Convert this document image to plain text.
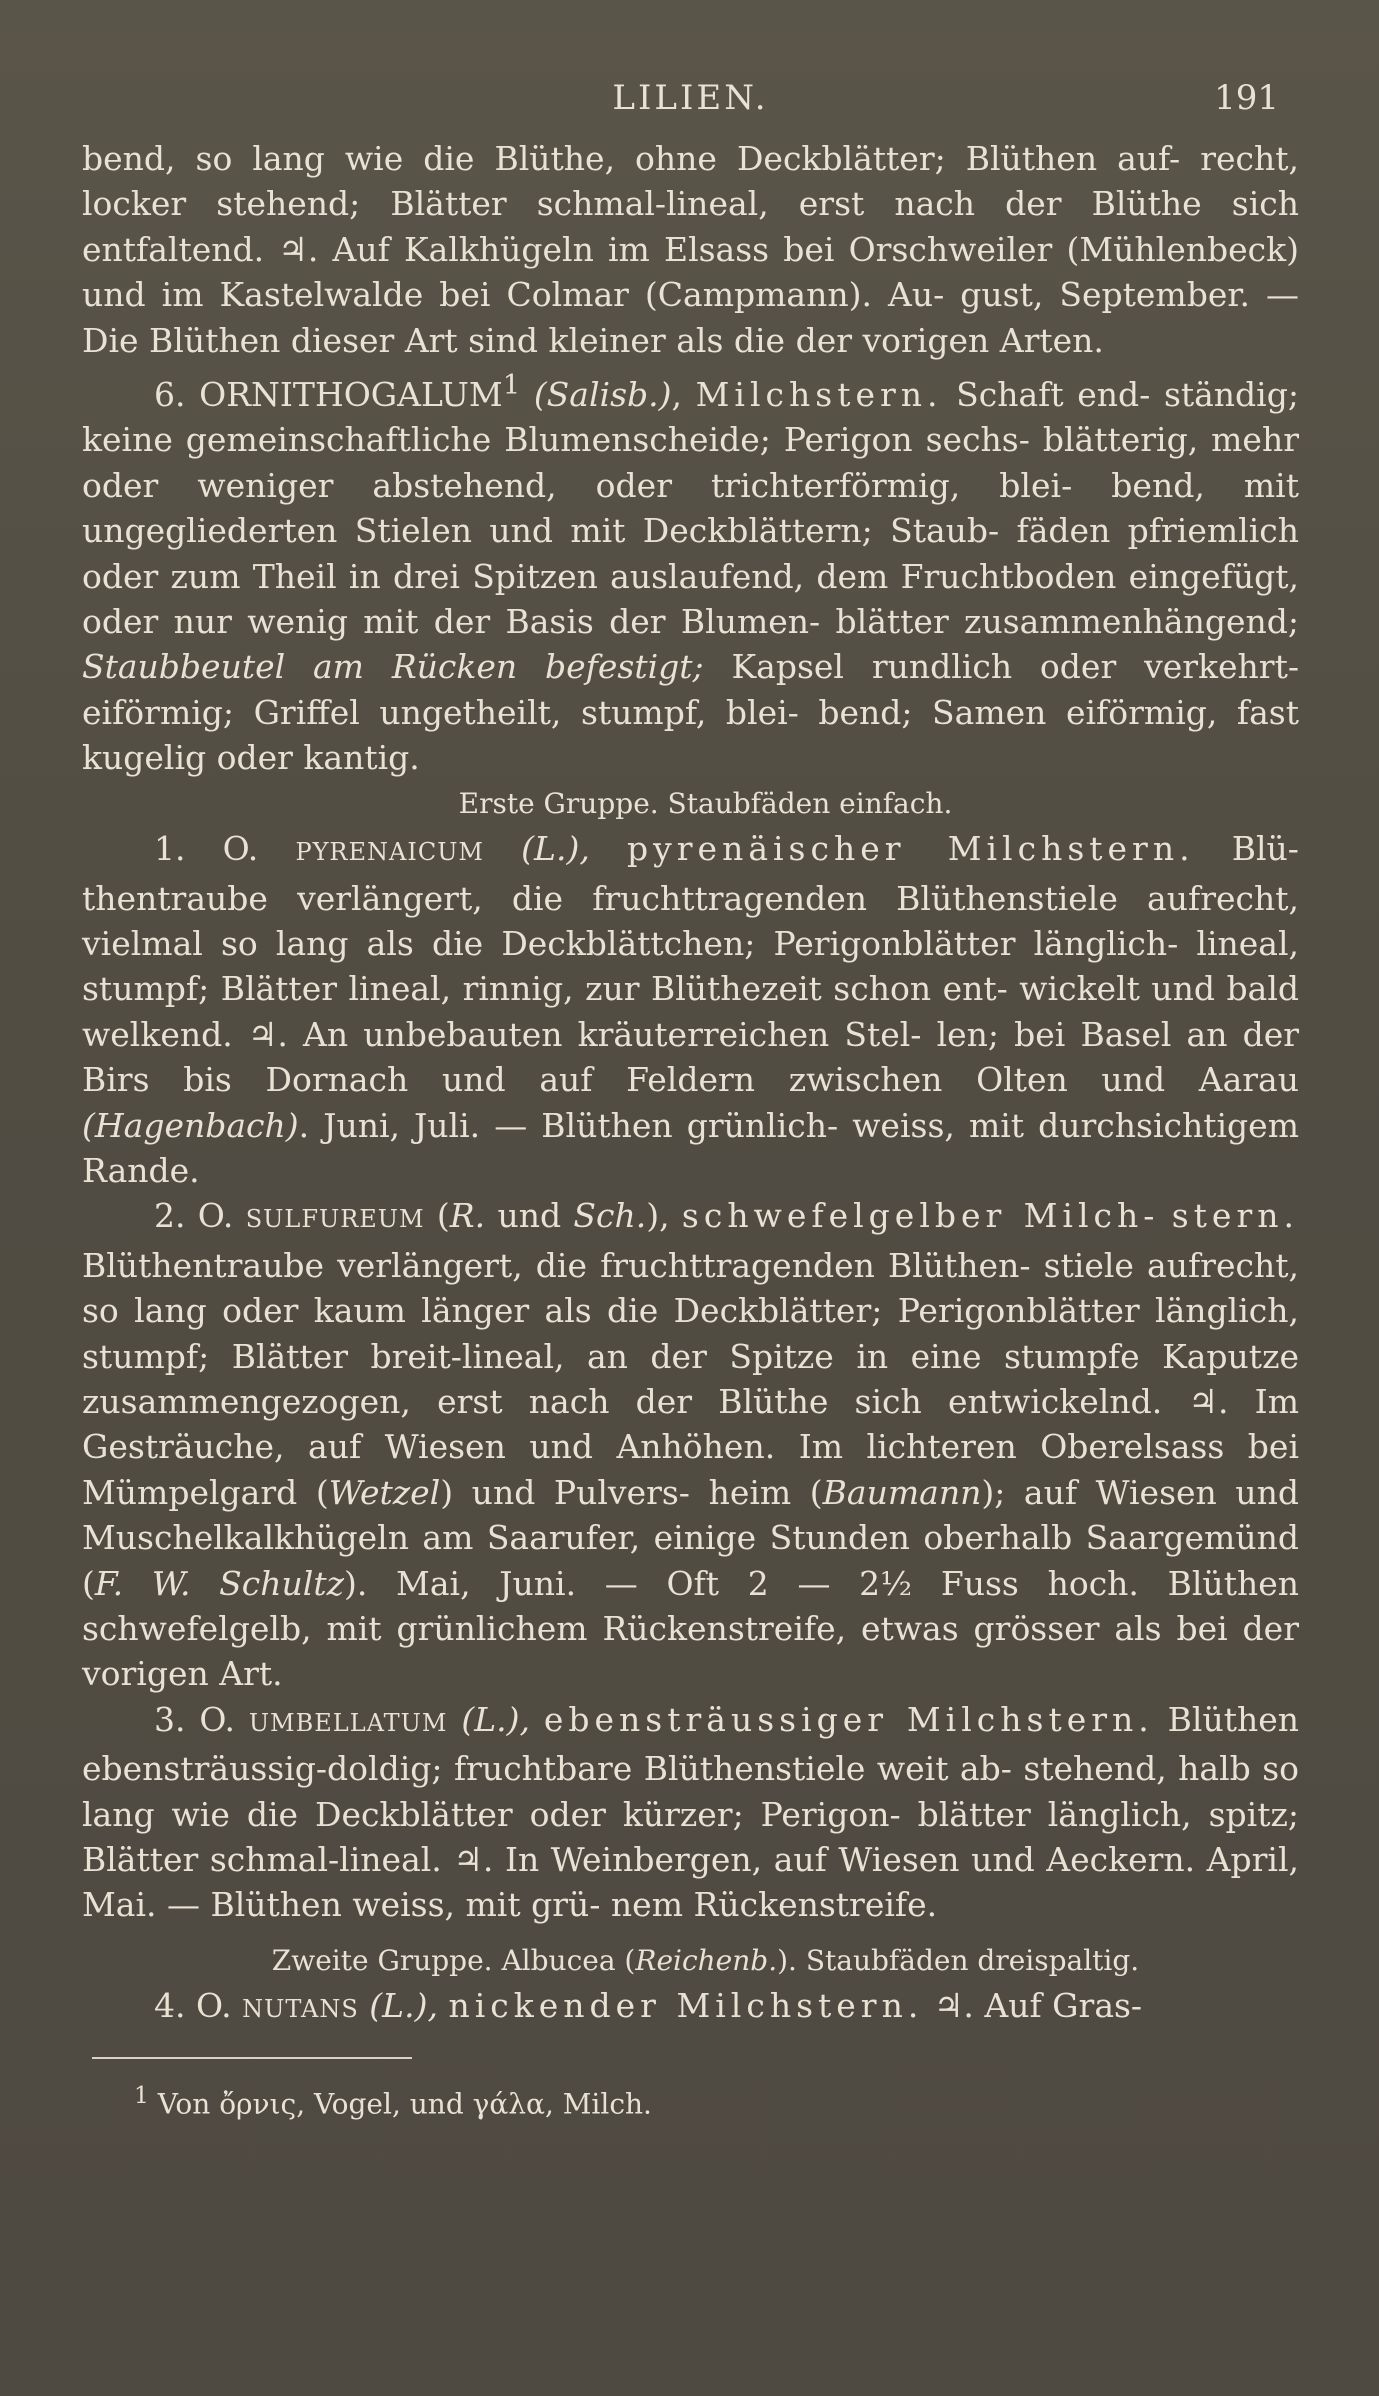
LILIEN.	191

bend, so lang wie die Blüthe, ohne Deckblätter; Blüthen auf- recht, locker stehend; Blätter schmal-lineal, erst nach der Blüthe sich entfaltend. ♃. Auf Kalkhügeln im Elsass bei Orschweiler (Mühlenbeck) und im Kastelwalde bei Colmar (Campmann). Au- gust, September. — Die Blüthen dieser Art sind kleiner als die der vorigen Arten.

6. ORNITHOGALUM$^1$ (Salisb.), Milchstern. Schaft end- ständig; keine gemeinschaftliche Blumenscheide; Perigon sechs- blätterig, mehr oder weniger abstehend, oder trichterförmig, blei- bend, mit ungegliederten Stielen und mit Deckblättern; Staub- fäden pfriemlich oder zum Theil in drei Spitzen auslaufend, dem Fruchtboden eingefügt, oder nur wenig mit der Basis der Blumen- blätter zusammenhängend; Staubbeutel am Rücken befestigt; Kapsel rundlich oder verkehrt-eiförmig; Griffel ungetheilt, stumpf, blei- bend; Samen eiförmig, fast kugelig oder kantig.

Erste Gruppe. Staubfäden einfach.

1. O. PYRENAICUM (L.), pyrenäischer Milchstern. Blü- thentraube verlängert, die fruchttragenden Blüthenstiele aufrecht, vielmal so lang als die Deckblättchen; Perigonblätter länglich- lineal, stumpf; Blätter lineal, rinnig, zur Blüthezeit schon ent- wickelt und bald welkend. ♃. An unbebauten kräuterreichen Stel- len; bei Basel an der Birs bis Dornach und auf Feldern zwischen Olten und Aarau (Hagenbach). Juni, Juli. — Blüthen grünlich- weiss, mit durchsichtigem Rande.

2. O. SULFUREUM (R. und Sch.), schwefelgelber Milch- stern. Blüthentraube verlängert, die fruchttragenden Blüthen- stiele aufrecht, so lang oder kaum länger als die Deckblätter; Perigonblätter länglich, stumpf; Blätter breit-lineal, an der Spitze in eine stumpfe Kaputze zusammengezogen, erst nach der Blüthe sich entwickelnd. ♃. Im Gesträuche, auf Wiesen und Anhöhen. Im lichteren Oberelsass bei Mümpelgard (Wetzel) und Pulvers- heim (Baumann); auf Wiesen und Muschelkalkhügeln am Saarufer, einige Stunden oberhalb Saargemünd (F. W. Schultz). Mai, Juni. — Oft 2 — 2½ Fuss hoch. Blüthen schwefelgelb, mit grünlichem Rückenstreife, etwas grösser als bei der vorigen Art.

3. O. UMBELLATUM (L.), ebensträussiger Milchstern. Blüthen ebensträussig-doldig; fruchtbare Blüthenstiele weit ab- stehend, halb so lang wie die Deckblätter oder kürzer; Perigon- blätter länglich, spitz; Blätter schmal-lineal. ♃. In Weinbergen, auf Wiesen und Aeckern. April, Mai. — Blüthen weiss, mit grü- nem Rückenstreife.

Zweite Gruppe. Albucea (Reichenb.). Staubfäden dreispaltig.

4. O. NUTANS (L.), nickender Milchstern. ♃. Auf Gras-

$^1$ Von ὄρνις, Vogel, und γάλα, Milch.
